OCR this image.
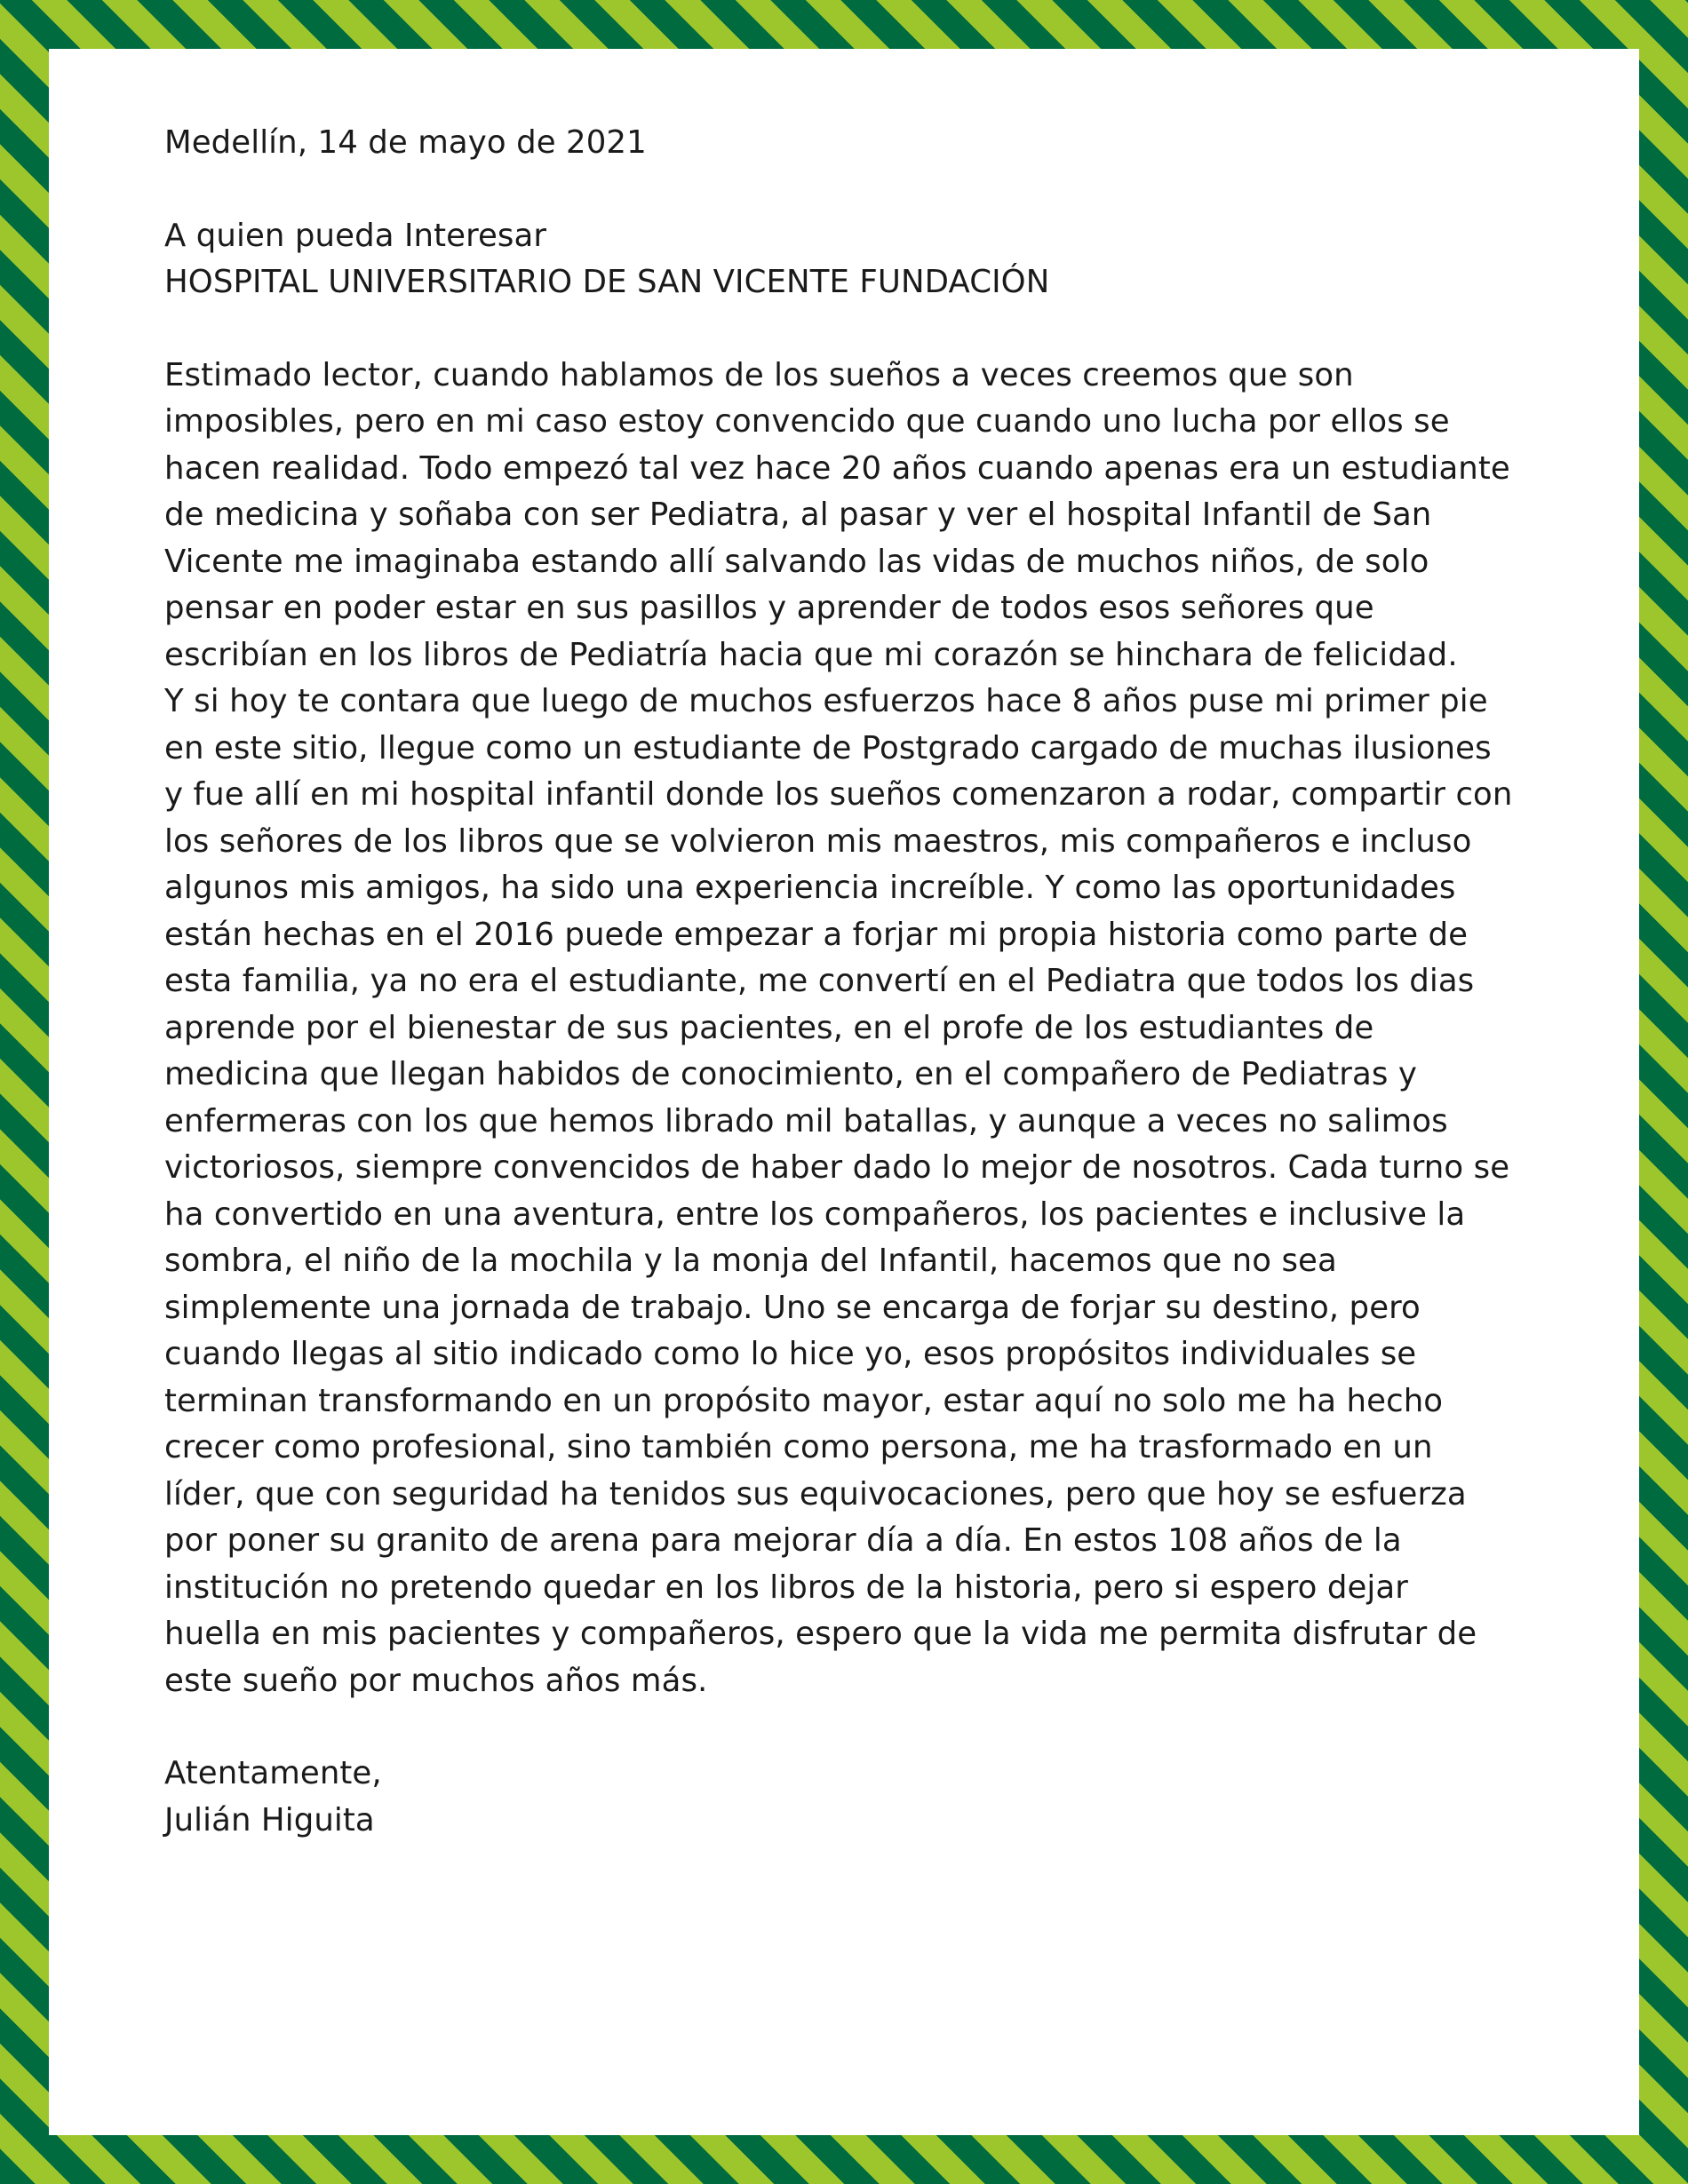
Medellín, 14 de mayo de 2021

A quien pueda Interesar

HOSPITAL UNIVERSITARIO DE SAN VICENTE FUNDACIÓN

Estimado lector, cuando hablamos de los sueños a veces creemos que son imposibles, pero en mi caso estoy convencido que cuando uno lucha por ellos se hacen realidad. Todo empezó tal vez hace 20 años cuando apenas era un estudiante de medicina y soñaba con ser Pediatra, al pasar y ver el hospital Infantil de San Vicente me imaginaba estando allí salvando las vidas de muchos niños, de solo pensar en poder estar en sus pasillos y aprender de todos esos señores que escribían en los libros de Pediatría hacia que mi corazón se hinchara de felicidad.

Y si hoy te contara que luego de muchos esfuerzos hace 8 años puse mi primer pie en este sitio, llegue como un estudiante de Postgrado cargado de muchas ilusiones y fue allí en mi hospital infantil donde los sueños comenzaron a rodar, compartir con los señores de los libros que se volvieron mis maestros, mis compañeros e incluso algunos mis amigos, ha sido una experiencia increíble. Y como las oportunidades están hechas en el 2016 puede empezar a forjar mi propia historia como parte de esta familia, ya no era el estudiante, me convertí en el Pediatra que todos los dias aprende por el bienestar de sus pacientes, en el profe de los estudiantes de medicina que llegan habidos de conocimiento, en el compañero de Pediatras y enfermeras con los que hemos librado mil batallas, y aunque a veces no salimos victoriosos, siempre convencidos de haber dado lo mejor de nosotros. Cada turno se ha convertido en una aventura, entre los compañeros, los pacientes e inclusive la sombra, el niño de la mochila y la monja del Infantil, hacemos que no sea simplemente una jornada de trabajo. Uno se encarga de forjar su destino, pero cuando llegas al sitio indicado como lo hice yo, esos propósitos individuales se terminan transformando en un propósito mayor, estar aquí no solo me ha hecho crecer como profesional, sino también como persona, me ha trasformado en un líder, que con seguridad ha tenidos sus equivocaciones, pero que hoy se esfuerza por poner su granito de arena para mejorar día a día. En estos 108 años de la institución no pretendo quedar en los libros de la historia, pero si espero dejar huella en mis pacientes y compañeros, espero que la vida me permita disfrutar de este sueño por muchos años más.

Atentamente,

Julián Higuita
